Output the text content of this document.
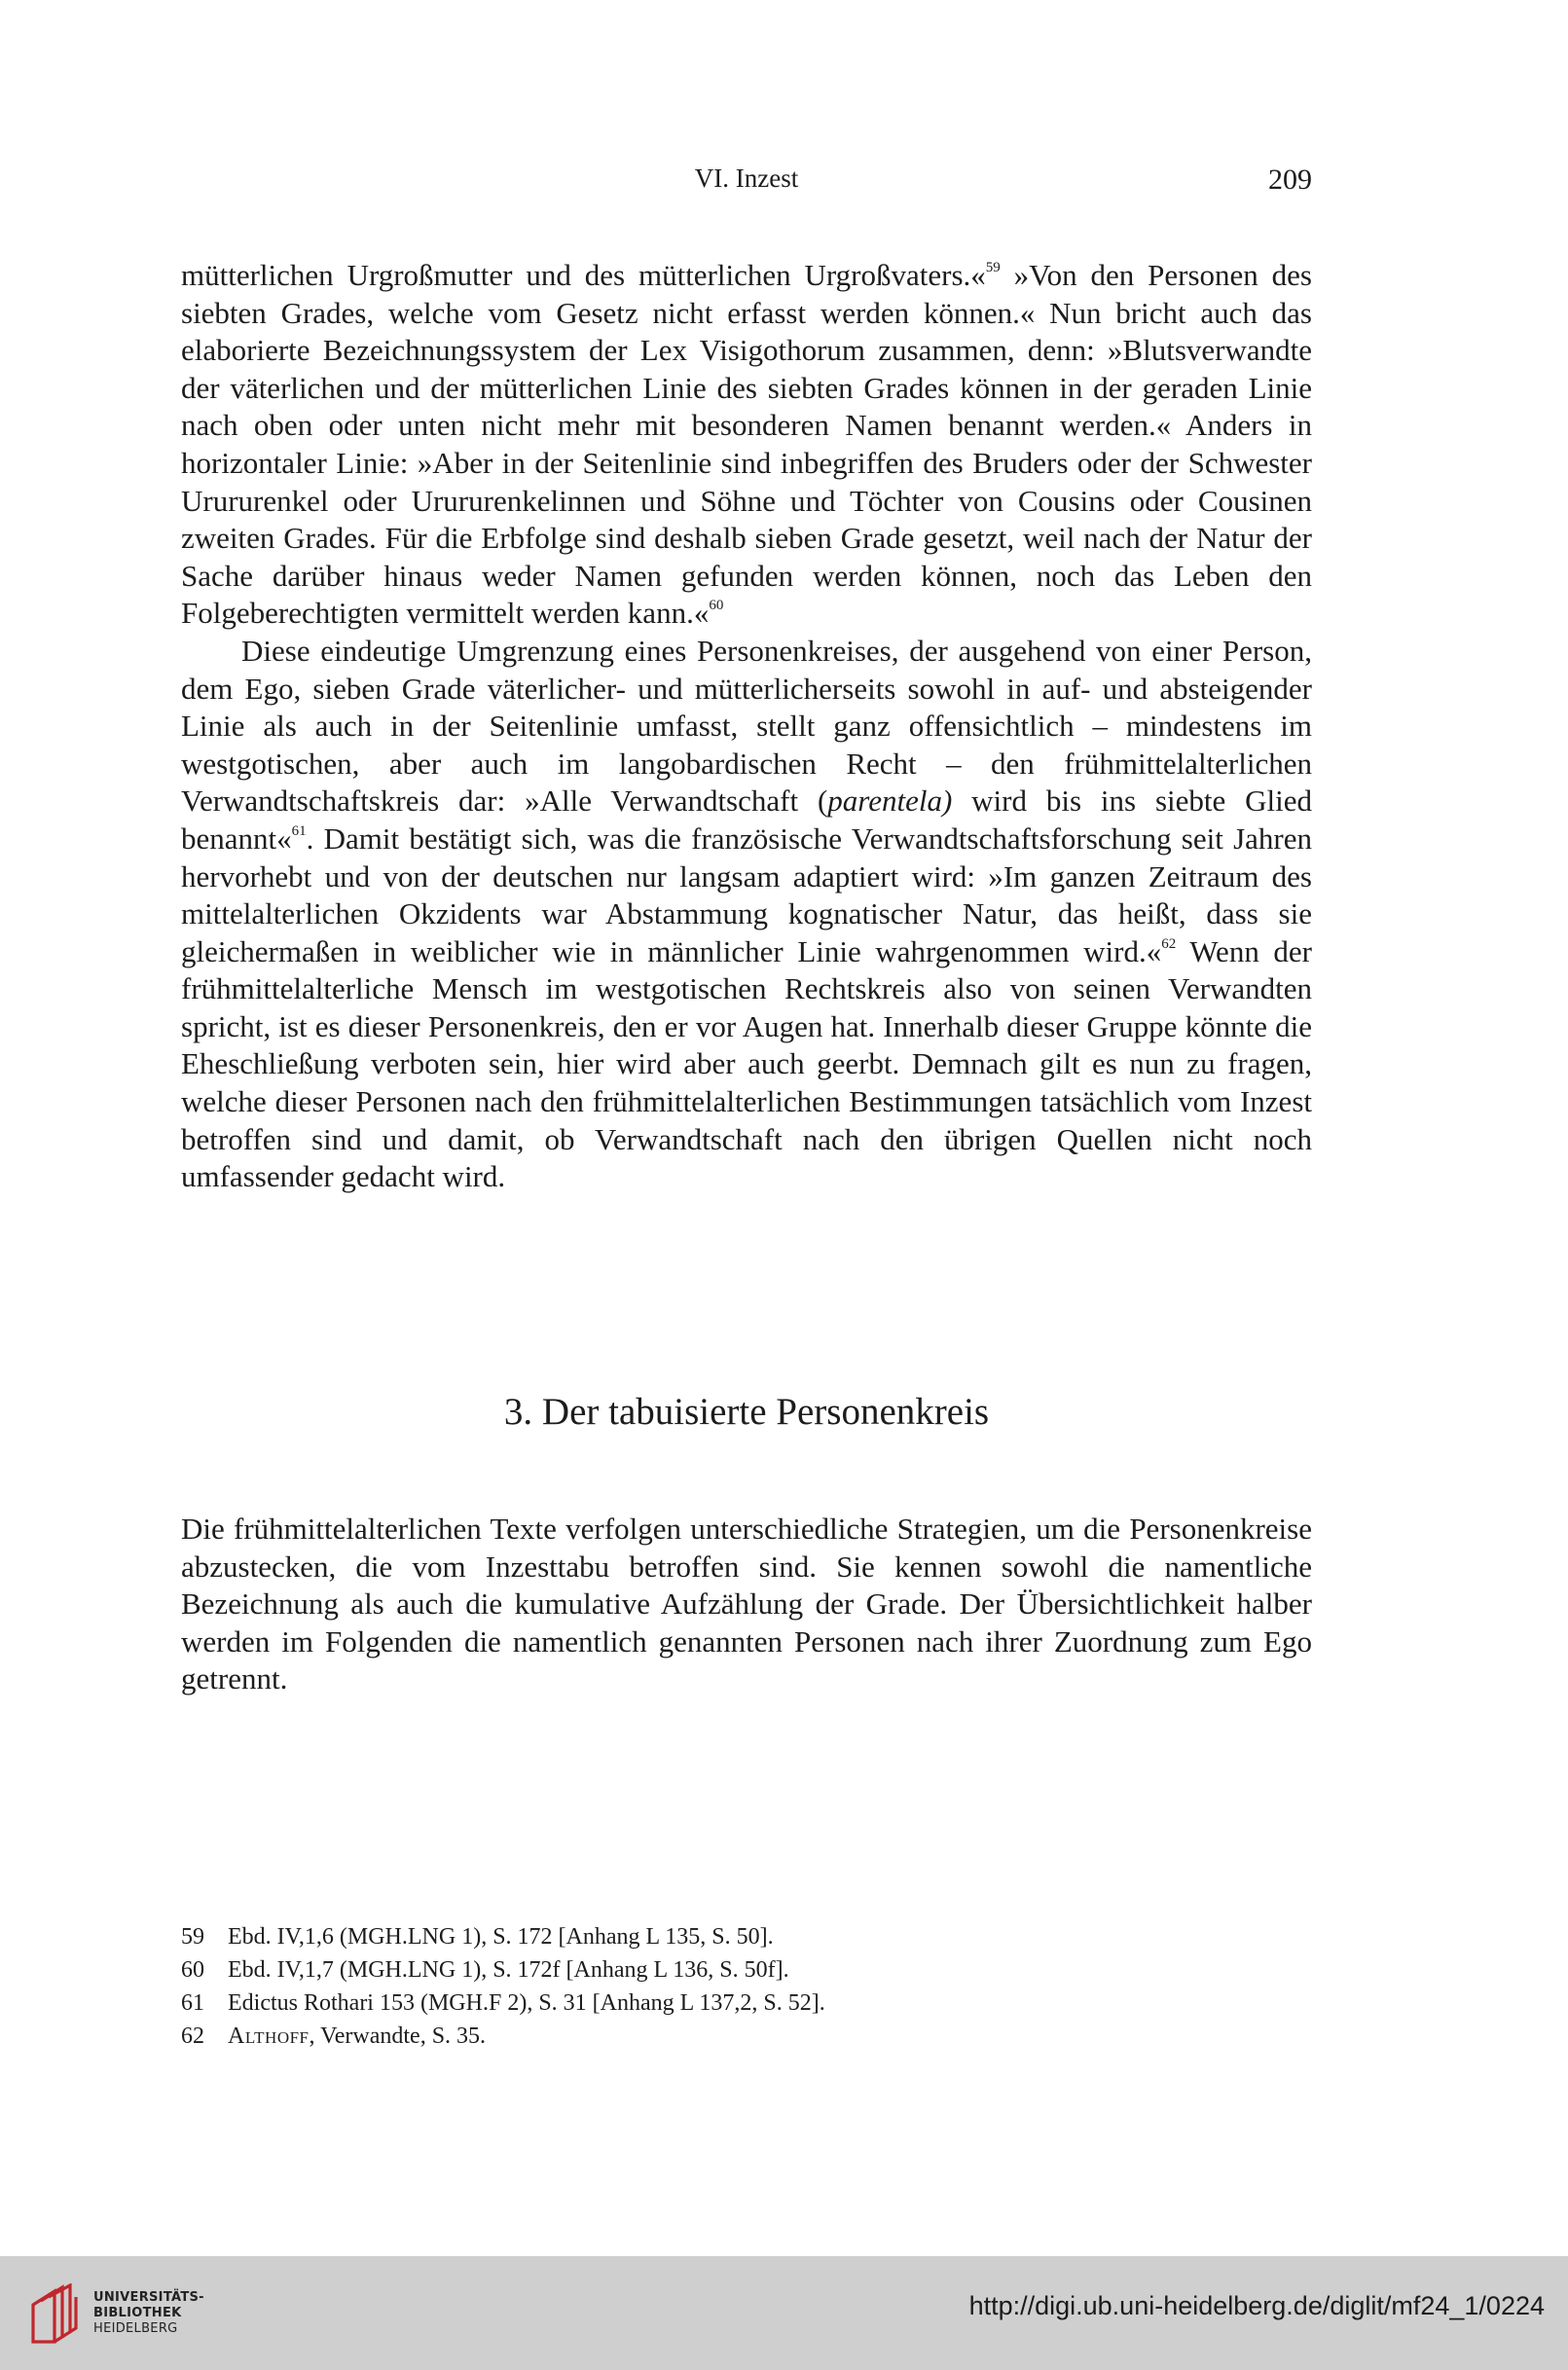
VI. Inzest	209

mütterlichen Urgroßmutter und des mütterlichen Urgroßvaters.«$^{59}$ »Von den Personen des siebten Grades, welche vom Gesetz nicht erfasst werden können.« Nun bricht auch das elaborierte Bezeichnungssystem der Lex Visigothorum zusammen, denn: »Blutsverwandte der väterlichen und der mütterlichen Linie des siebten Grades können in der geraden Linie nach oben oder unten nicht mehr mit besonderen Namen benannt werden.« Anders in horizontaler Linie: »Aber in der Seitenlinie sind inbegriffen des Bruders oder der Schwester Urururenkel oder Urururenkelinnen und Söhne und Töchter von Cousins oder Cousinen zweiten Grades. Für die Erbfolge sind deshalb sieben Grade gesetzt, weil nach der Natur der Sache darüber hinaus weder Namen gefunden werden können, noch das Leben den Folgeberechtigten vermittelt werden kann.«$^{60}$

Diese eindeutige Umgrenzung eines Personenkreises, der ausgehend von einer Person, dem Ego, sieben Grade väterlicher- und mütterlicherseits sowohl in auf- und absteigender Linie als auch in der Seitenlinie umfasst, stellt ganz offensichtlich – mindestens im westgotischen, aber auch im langobardischen Recht – den frühmittelalterlichen Verwandtschaftskreis dar: »Alle Verwandtschaft (parentela) wird bis ins siebte Glied benannt«$^{61}$. Damit bestätigt sich, was die französische Verwandtschaftsforschung seit Jahren hervorhebt und von der deutschen nur langsam adaptiert wird: »Im ganzen Zeitraum des mittelalterlichen Okzidents war Abstammung kognatischer Natur, das heißt, dass sie gleichermaßen in weiblicher wie in männlicher Linie wahrgenommen wird.«$^{62}$ Wenn der frühmittelalterliche Mensch im westgotischen Rechtskreis also von seinen Verwandten spricht, ist es dieser Personenkreis, den er vor Augen hat. Innerhalb dieser Gruppe könnte die Eheschließung verboten sein, hier wird aber auch geerbt. Demnach gilt es nun zu fragen, welche dieser Personen nach den frühmittelalterlichen Bestimmungen tatsächlich vom Inzest betroffen sind und damit, ob Verwandtschaft nach den übrigen Quellen nicht noch umfassender gedacht wird.

3. Der tabuisierte Personenkreis

Die frühmittelalterlichen Texte verfolgen unterschiedliche Strategien, um die Personenkreise abzustecken, die vom Inzesttabu betroffen sind. Sie kennen sowohl die namentliche Bezeichnung als auch die kumulative Aufzählung der Grade. Der Übersichtlichkeit halber werden im Folgenden die namentlich genannten Personen nach ihrer Zuordnung zum Ego getrennt.

59	Ebd. IV,1,6 (MGH.LNG 1), S. 172 [Anhang L 135, S. 50].
60	Ebd. IV,1,7 (MGH.LNG 1), S. 172f [Anhang L 136, S. 50f].
61	Edictus Rothari 153 (MGH.F 2), S. 31 [Anhang L 137,2, S. 52].
62	Althoff, Verwandte, S. 35.
UNIVERSITÄTS-
BIBLIOTHEK
HEIDELBERG
http://digi.ub.uni-heidelberg.de/diglit/mf24_1/0224
